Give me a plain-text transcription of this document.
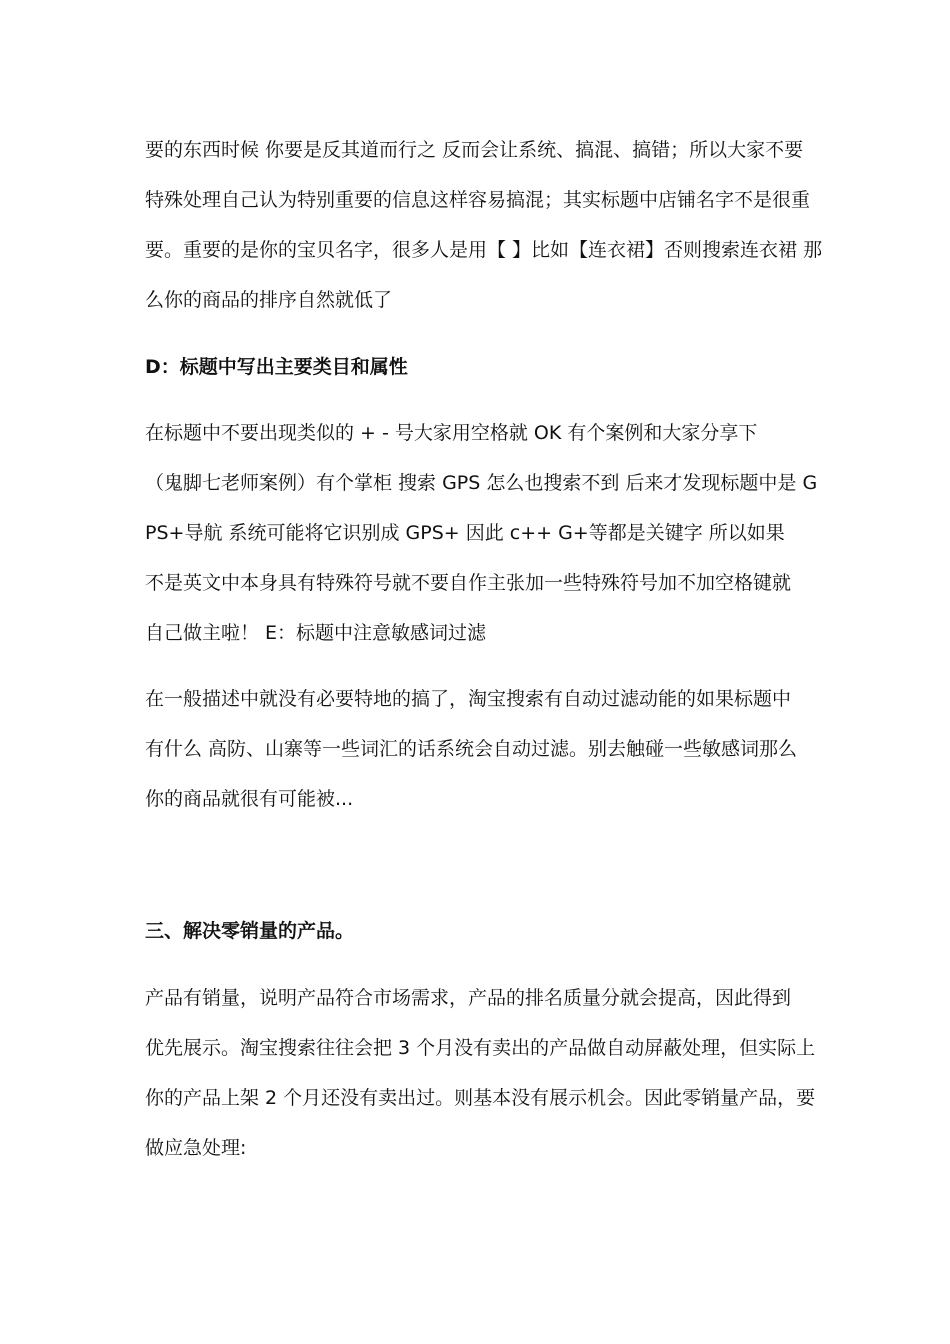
要的东西时候 你要是反其道而行之 反而会让系统、搞混、搞错；所以大家不要
特殊处理自己认为特别重要的信息这样容易搞混；其实标题中店铺名字不是很重
要。重要的是你的宝贝名字，很多人是用【 】比如【连衣裙】否则搜索连衣裙 那
么你的商品的排序自然就低了
D：标题中写出主要类目和属性
在标题中不要出现类似的 + - 号大家用空格就 OK 有个案例和大家分享下
（鬼脚七老师案例）有个掌柜 搜索 GPS 怎么也搜索不到 后来才发现标题中是 G
PS+导航 系统可能将它识别成 GPS+ 因此 c++ G+等都是关键字 所以如果
不是英文中本身具有特殊符号就不要自作主张加一些特殊符号加不加空格键就
自己做主啦！ E：标题中注意敏感词过滤
在一般描述中就没有必要特地的搞了，淘宝搜索有自动过滤动能的如果标题中
有什么 高防、山寨等一些词汇的话系统会自动过滤。别去触碰一些敏感词那么
你的商品就很有可能被...
三、解决零销量的产品。
产品有销量，说明产品符合市场需求，产品的排名质量分就会提高，因此得到
优先展示。淘宝搜索往往会把 3 个月没有卖出的产品做自动屏蔽处理，但实际上
你的产品上架 2 个月还没有卖出过。则基本没有展示机会。因此零销量产品，要
做应急处理:
